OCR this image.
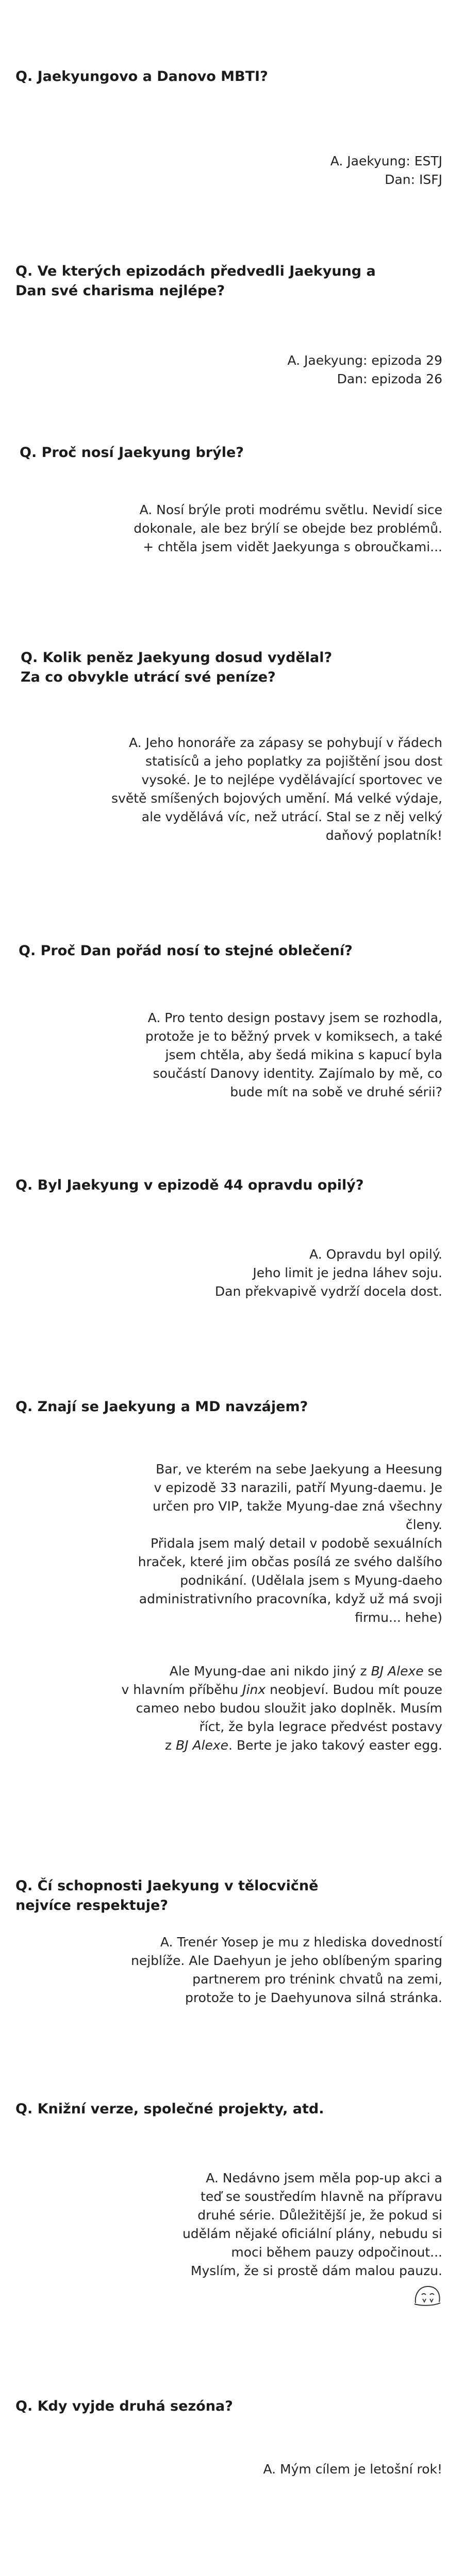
Q. Jaekyungovo a Danovo MBTI?
A. Jaekyung: ESTJ
Dan: ISFJ
Q. Ve kterých epizodách předvedli Jaekyung a
Dan své charisma nejlépe?
A. Jaekyung: epizoda 29
Dan: epizoda 26
Q. Proč nosí Jaekyung brýle?
A. Nosí brýle proti modrému světlu. Nevidí sice
dokonale, ale bez brýlí se obejde bez problémů.
+ chtěla jsem vidět Jaekyunga s obroučkami...
Q. Kolik peněz Jaekyung dosud vydělal?
Za co obvykle utrácí své peníze?
A. Jeho honoráře za zápasy se pohybují v řádech
statisíců a jeho poplatky za pojištění jsou dost
vysoké. Je to nejlépe vydělávající sportovec ve
světě smíšených bojových umění. Má velké výdaje,
ale vydělává víc, než utrácí. Stal se z něj velký
daňový poplatník!
Q. Proč Dan pořád nosí to stejné oblečení?
A. Pro tento design postavy jsem se rozhodla,
protože je to běžný prvek v komiksech, a také
jsem chtěla, aby šedá mikina s kapucí byla
součástí Danovy identity. Zajímalo by mě, co
bude mít na sobě ve druhé sérii?
Q. Byl Jaekyung v epizodě 44 opravdu opilý?
A. Opravdu byl opilý.
Jeho limit je jedna láhev soju.
Dan překvapivě vydrží docela dost.
Q. Znají se Jaekyung a MD navzájem?
Bar, ve kterém na sebe Jaekyung a Heesung
v epizodě 33 narazili, patří Myung-daemu. Je
určen pro VIP, takže Myung-dae zná všechny
členy.
Přidala jsem malý detail v podobě sexuálních
hraček, které jim občas posílá ze svého dalšího
podnikání. (Udělala jsem s Myung-daeho
administrativního pracovníka, když už má svoji
firmu... hehe)
Ale Myung-dae ani nikdo jiný z BJ Alexe se
v hlavním příběhu Jinx neobjeví. Budou mít pouze
cameo nebo budou sloužit jako doplněk. Musím
říct, že byla legrace předvést postavy
z BJ Alexe. Berte je jako takový easter egg.
Q. Čí schopnosti Jaekyung v tělocvičně
nejvíce respektuje?
A. Trenér Yosep je mu z hlediska dovedností
nejblíže. Ale Daehyun je jeho oblíbeným sparing
partnerem pro trénink chvatů na zemi,
protože to je Daehyunova silná stránka.
Q. Knižní verze, společné projekty, atd.
A. Nedávno jsem měla pop-up akci a
teď se soustředím hlavně na přípravu
druhé série. Důležitější je, že pokud si
udělám nějaké oficiální plány, nebudu si
moci během pauzy odpočinout...
Myslím, že si prostě dám malou pauzu.
Q. Kdy vyjde druhá sezóna?
A. Mým cílem je letošní rok!
